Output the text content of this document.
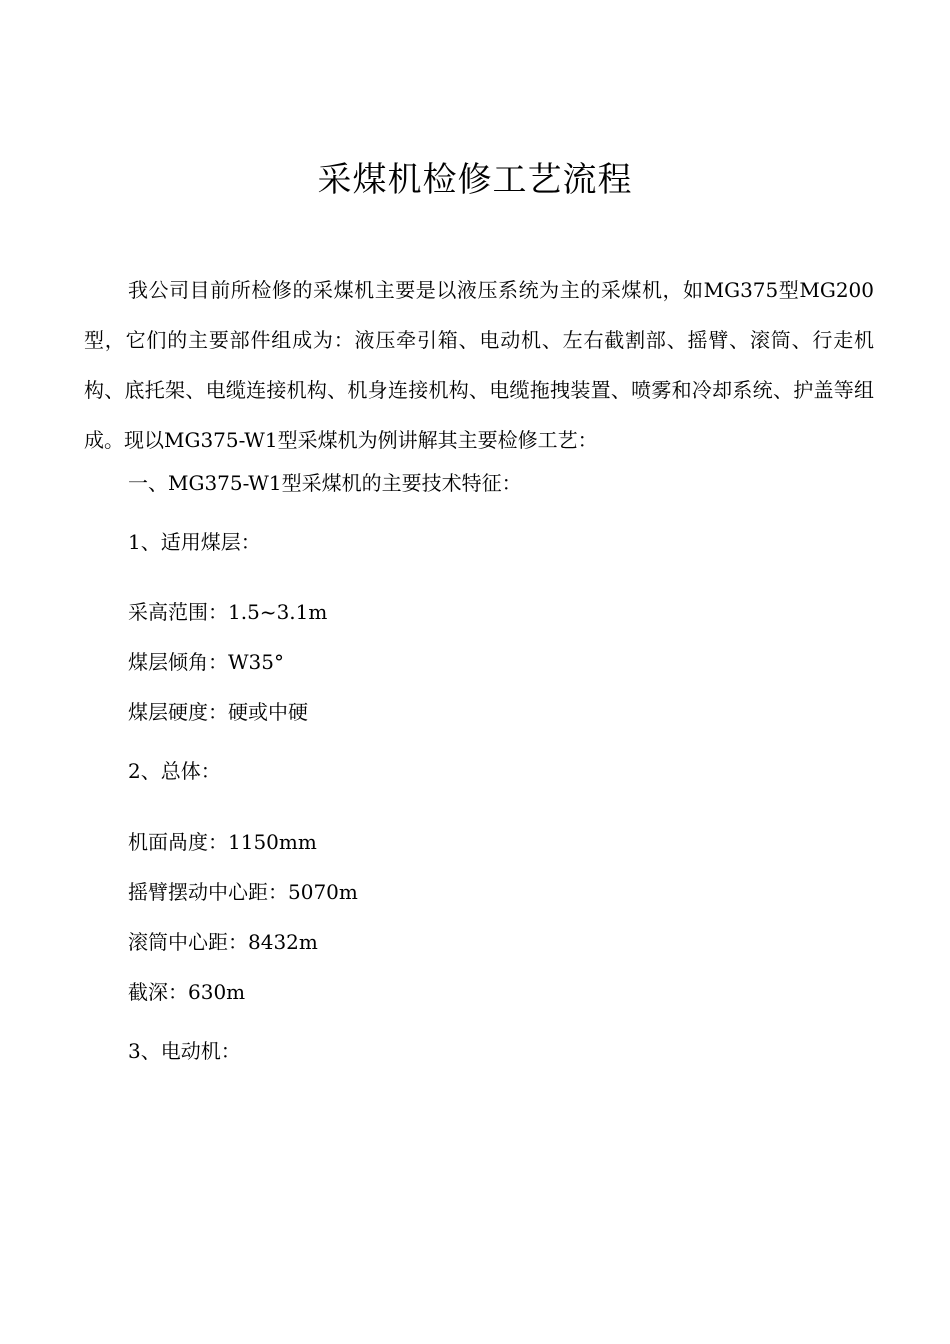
采煤机检修工艺流程

我公司目前所检修的采煤机主要是以液压系统为主的采煤机，如MG375型MG200型，它们的主要部件组成为：液压牵引箱、电动机、左右截割部、摇臂、滚筒、行走机构、底托架、电缆连接机构、机身连接机构、电缆拖拽装置、喷雾和冷却系统、护盖等组成。现以MG375-W1型采煤机为例讲解其主要检修工艺：

一、MG375-W1型采煤机的主要技术特征：

1、适用煤层：

采高范围：1.5~3.1m

煤层倾角：W35°

煤层硬度：硬或中硬

2、总体：

机面咼度：1150mm

摇臂摆动中心距：5070m

滚筒中心距：8432m

截深：630m

3、电动机：
